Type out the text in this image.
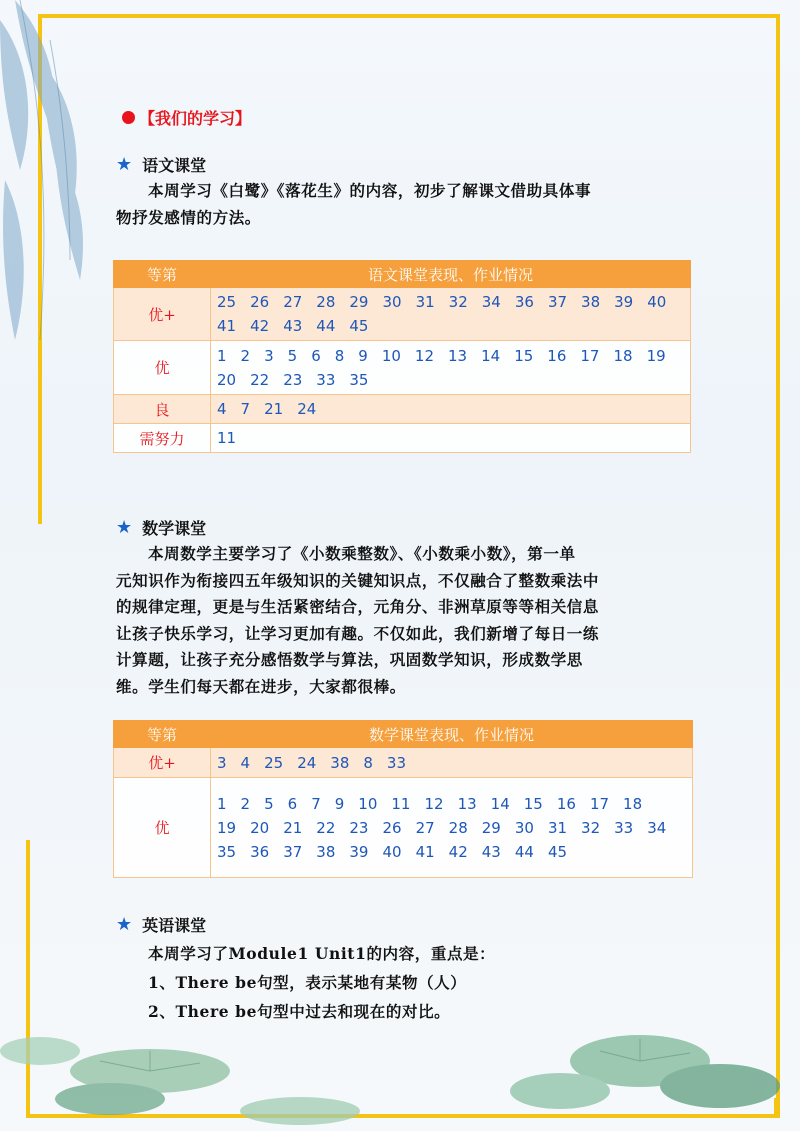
【我们的学习】
★ 语文课堂

本周学习《白鹭》《落花生》的内容，初步了解课文借助具体事

物抒发感情的方法。

等第	语文课堂表现、作业情况
优+	25 26 27 28 29 30 31 32 34 36 37 38 39 4041 42 43 44 45
优	1 2 3 5 6 8 9 10 12 13 14 15 16 17 18 1920 22 23 33 35
良	4 7 21 24
需努力	11
★ 数学课堂

本周数学主要学习了《小数乘整数》、《小数乘小数》，第一单

元知识作为衔接四五年级知识的关键知识点，不仅融合了整数乘法中

的规律定理，更是与生活紧密结合，元角分、非洲草原等等相关信息

让孩子快乐学习，让学习更加有趣。不仅如此，我们新增了每日一练

计算题，让孩子充分感悟数学与算法，巩固数学知识，形成数学思

维。学生们每天都在进步，大家都很棒。

等第	数学课堂表现、作业情况
优+	3 4 25 24 38 8 33
优	1 2 5 6 7 9 10 11 12 13 14 15 16 17 1819 20 21 22 23 26 27 28 29 30 31 32 33 3435 36 37 38 39 40 41 42 43 44 45
★ 英语课堂

本周学习了Module1 Unit1的内容，重点是：

1、There be句型，表示某地有某物（人）

2、There be句型中过去和现在的对比。
